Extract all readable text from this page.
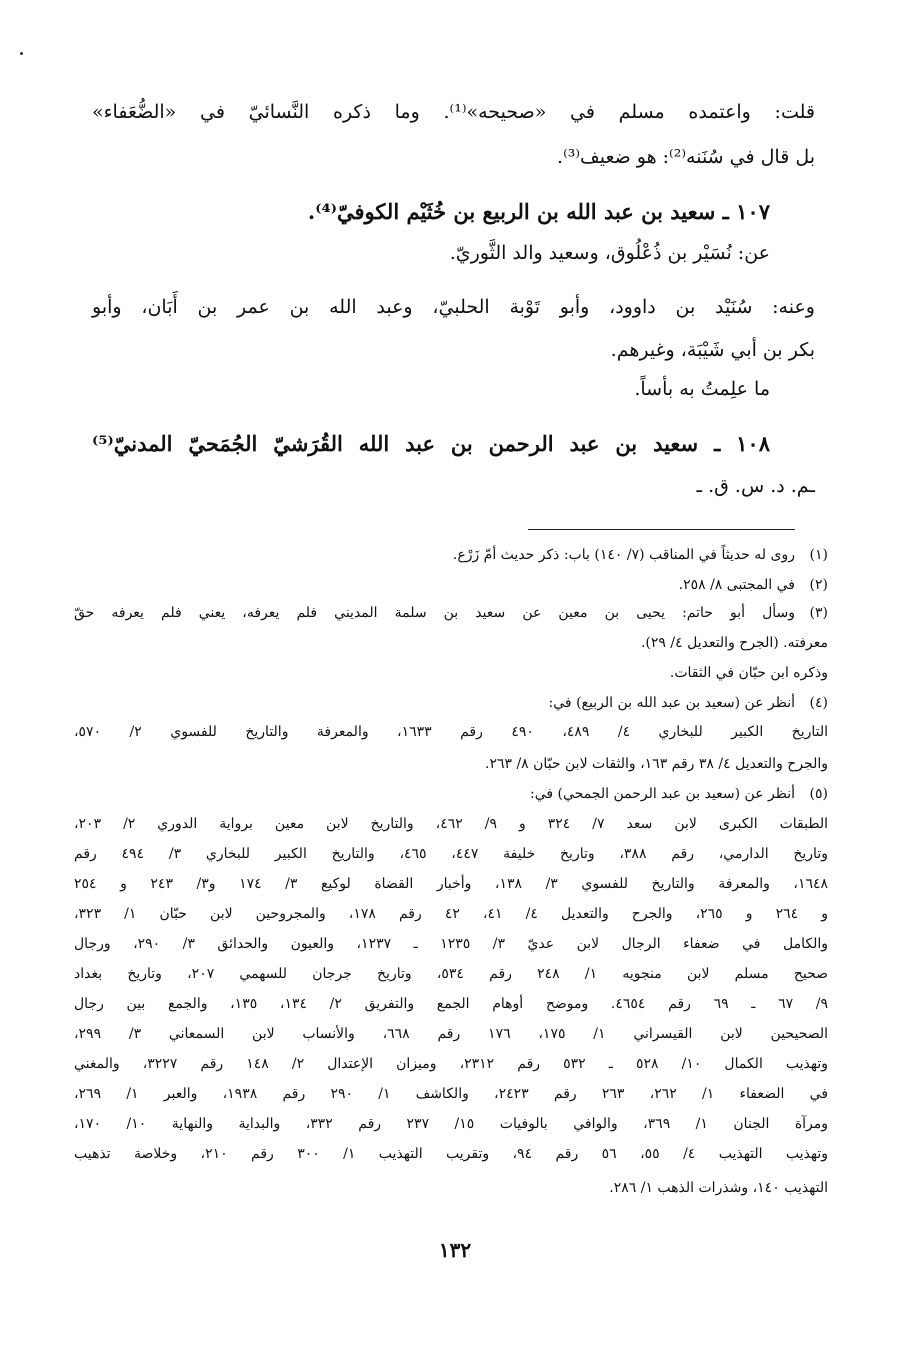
قلت: واعتمده مسلم في «صحيحه»⁽¹⁾. وما ذكره النَّسائيّ في «الضُّعَفاء»
بل قال في سُنَنه⁽²⁾: هو ضعيف⁽³⁾.
١٠٧ ـ سعيد بن عبد الله بن الربيع بن خُثَيْم الكوفيّ⁽⁴⁾.
عن: نُسَيْر بن ذُعْلُوق، وسعيد والد الثَّوريّ.
وعنه: سُنَيْد بن داوود، وأبو تَوْبة الحلبيّ، وعبد الله بن عمر بن أَبَان، وأبو
بكر بن أبي شَيْبَة، وغيرهم.
ما علِمتُ به بأساً.
١٠٨ ـ سعيد بن عبد الرحمن بن عبد الله القُرَشيّ الجُمَحيّ المدنيّ⁽⁵⁾
ـم. د. س. ق. ـ
(١)
روى له حديثاً في المناقب (٧/ ١٤٠) باب: ذكر حديث أمّ زَرْع.
(٢)
في المجتبى ٨/ ٢٥٨.
(٣)
وسأل أبو حاتم: يحيى بن معين عن سعيد بن سلمة المديني فلم يعرفه، يعني فلم يعرفه حقّ
معرفته. (الجرح والتعديل ٤/ ٢٩).
وذكره ابن حبّان في الثقات.
(٤)
أنظر عن (سعيد بن عبد الله بن الربيع) في:
التاريخ الكبير للبخاري ٤/ ٤٨٩، ٤٩٠ رقم ١٦٣٣، والمعرفة والتاريخ للفسوي ٢/ ٥٧٠،
والجرح والتعديل ٤/ ٣٨ رقم ١٦٣، والثقات لابن حبّان ٨/ ٢٦٣.
(٥)
أنظر عن (سعيد بن عبد الرحمن الجمحي) في:
الطبقات الكبرى لابن سعد ٧/ ٣٢٤ و ٩/ ٤٦٢، والتاريخ لابن معين برواية الدوري ٢/ ٢٠٣،
وتاريخ الدارمي، رقم ٣٨٨، وتاريخ خليفة ٤٤٧، ٤٦٥، والتاريخ الكبير للبخاري ٣/ ٤٩٤ رقم
١٦٤٨، والمعرفة والتاريخ للفسوي ٣/ ١٣٨، وأخبار القضاة لوكيع ٣/ ١٧٤ و٣/ ٢٤٣ و ٢٥٤
و ٢٦٤ و ٢٦٥، والجرح والتعديل ٤/ ٤١، ٤٢ رقم ١٧٨، والمجروحين لابن حبّان ١/ ٣٢٣،
والكامل في ضعفاء الرجال لابن عديّ ٣/ ١٢٣٥ ـ ١٢٣٧، والعيون والحدائق ٣/ ٢٩٠، ورجال
صحيح مسلم لابن منجويه ١/ ٢٤٨ رقم ٥٣٤، وتاريخ جرجان للسهمي ٢٠٧، وتاريخ بغداد
٩/ ٦٧ ـ ٦٩ رقم ٤٦٥٤. وموضح أوهام الجمع والتفريق ٢/ ١٣٤، ١٣٥، والجمع بين رجال
الصحيحين لابن القيسراني ١/ ١٧٥، ١٧٦ رقم ٦٦٨، والأنساب لابن السمعاني ٣/ ٢٩٩،
وتهذيب الكمال ١٠/ ٥٢٨ ـ ٥٣٢ رقم ٢٣١٢، وميزان الإعتدال ٢/ ١٤٨ رقم ٣٢٢٧، والمغني
في الضعفاء ١/ ٢٦٢، ٢٦٣ رقم ٢٤٢٣، والكاشف ١/ ٢٩٠ رقم ١٩٣٨، والعبر ١/ ٢٦٩،
ومرآة الجنان ١/ ٣٦٩، والوافي بالوفيات ١٥/ ٢٣٧ رقم ٣٣٢، والبداية والنهاية ١٠/ ١٧٠،
وتهذيب التهذيب ٤/ ٥٥، ٥٦ رقم ٩٤، وتقريب التهذيب ١/ ٣٠٠ رقم ٢١٠، وخلاصة تذهيب
التهذيب ١٤٠، وشذرات الذهب ١/ ٢٨٦.
١٣٢
